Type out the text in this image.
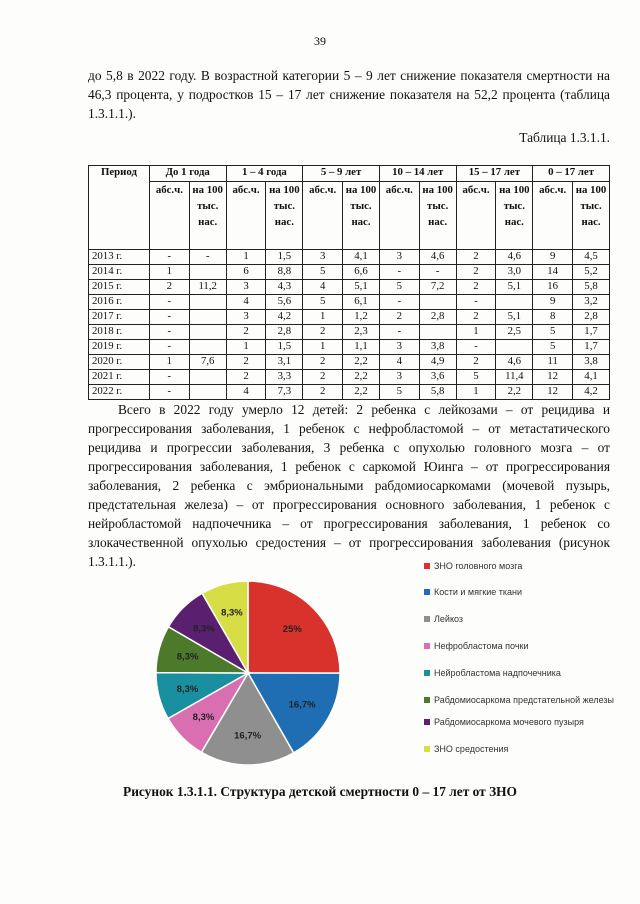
39

до 5,8 в 2022 году. В возрастной категории 5 – 9 лет снижение показателя смертности на 46,3 процента, у подростков 15 – 17 лет снижение показателя на 52,2 процента (таблица 1.3.1.1.).

Таблица 1.3.1.1.
Период	До 1 года		1 – 4 года		5 – 9 лет		10 – 14 лет		15 – 17 лет		0 – 17 лет	
	абс.ч.	на 100 тыс. нас.	абс.ч.	на 100 тыс. нас.	абс.ч.	на 100 тыс. нас.	абс.ч.	на 100 тыс. нас.	абс.ч.	на 100 тыс. нас.	абс.ч.	на 100 тыс. нас.
2013 г.	-	-	1	1,5	3	4,1	3	4,6	2	4,6	9	4,5
2014 г.	1		6	8,8	5	6,6	-	-	2	3,0	14	5,2
2015 г.	2	11,2	3	4,3	4	5,1	5	7,2	2	5,1	16	5,8
2016 г.	-		4	5,6	5	6,1	-		-		9	3,2
2017 г.	-		3	4,2	1	1,2	2	2,8	2	5,1	8	2,8
2018 г.	-		2	2,8	2	2,3	-		1	2,5	5	1,7
2019 г.	-		1	1,5	1	1,1	3	3,8	-		5	1,7
2020 г.	1	7,6	2	3,1	2	2,2	4	4,9	2	4,6	11	3,8
2021 г.	-		2	3,3	2	2,2	3	3,6	5	11,4	12	4,1
2022 г.	-		4	7,3	2	2,2	5	5,8	1	2,2	12	4,2

Всего в 2022 году умерло 12 детей: 2 ребенка с лейкозами – от рецидива и прогрессирования заболевания, 1 ребенок с нефробластомой – от метастатического рецидива и прогрессии заболевания, 3 ребенка с опухолью головного мозга – от прогрессирования заболевания, 1 ребенок с саркомой Юинга – от прогрессирования заболевания, 2 ребенка с эмбриональными рабдомиосаркомами (мочевой пузырь, предстательная железа) – от прогрессирования основного заболевания, 1 ребенок с нейробластомой надпочечника – от прогрессирования заболевания, 1 ребенок со злокачественной опухолью средостения – от прогрессирования заболевания (рисунок 1.3.1.1.).

25%
16,7%
16,7%
8,3%
8,3%
8,3%
8,3%
8,3%
ЗНО головного мозга
Кости и мягкие ткани
Лейкоз
Нефробластома почки
Нейробластома надпочечника
Рабдомиосаркома предстательной железы
Рабдомиосаркома мочевого пузыря
ЗНО средостения
Рисунок 1.3.1.1. Структура детской смертности 0 – 17 лет от ЗНО
